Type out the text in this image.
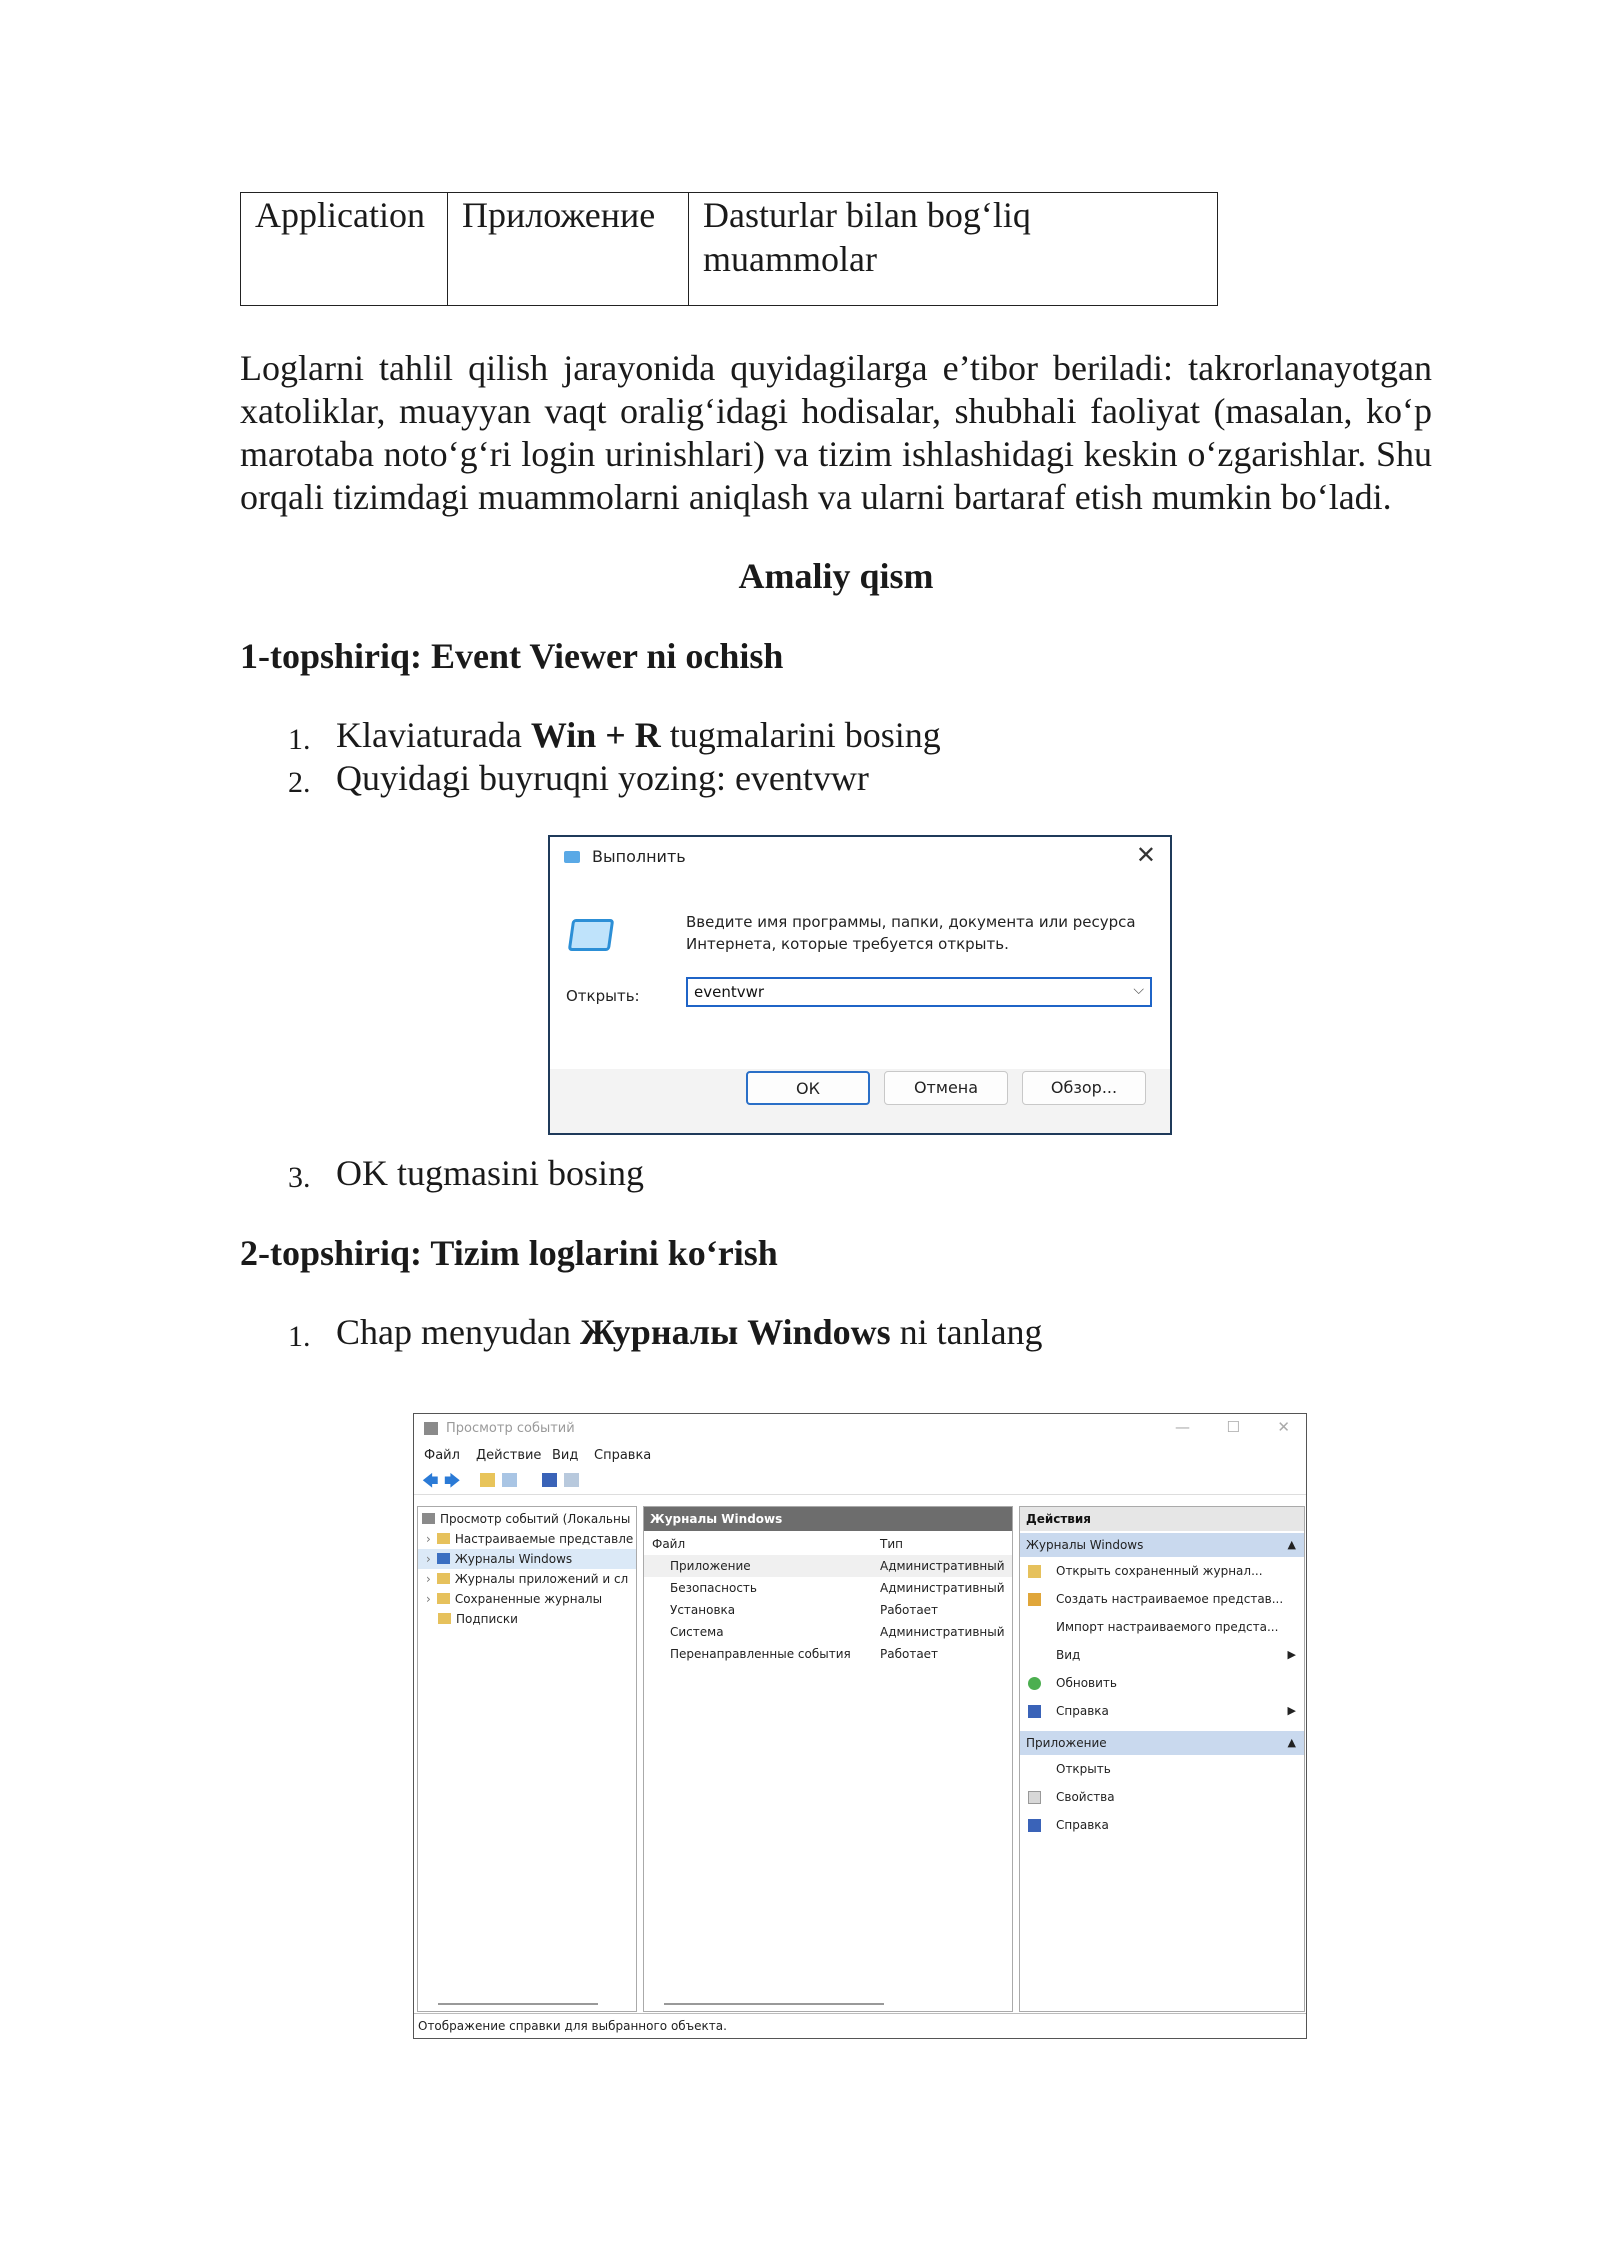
Application	Приложение	Dasturlar bilan bog‘liq muammolar

Loglarni tahlil qilish jarayonida quyidagilarga e’tibor beriladi: takrorlanayotgan xatoliklar, muayyan vaqt oralig‘idagi hodisalar, shubhali faoliyat (masalan, ko‘p marotaba noto‘g‘ri login urinishlari) va tizim ishlashidagi keskin o‘zgarishlar. Shu orqali tizimdagi muammolarni aniqlash va ularni bartaraf etish mumkin bo‘ladi.

Amaliy qism
1-topshiriq: Event Viewer ni ochish
1. Klaviaturada Win + R tugmalarini bosing
2. Quyidagi buyruqni yozing: eventvwr
3. OK tugmasini bosing
2-topshiriq: Tizim loglarini ko‘rish
1. Chap menyudan Журналы Windows ni tanlang
Выполнить	✕
Введите имя программы, папки, документа или ресурса
Интернета, которые требуется открыть.
Открыть:	eventvwr	⌵
ОК	Отмена	Обзор...
Просмотр событий	— ☐ ✕
Файл Действие Вид Справка
🡄 🡆
Просмотр событий (Локальны
› Настраиваемые представле
› Журналы Windows
› Журналы приложений и сл
› Сохраненные журналы
Подписки
Журналы Windows
Файл	Тип
Приложение	Административный
Безопасность	Административный
Установка	Работает
Система	Административный
Перенаправленные события Работает
Действия
Журналы Windows	▲
Открыть сохраненный журнал...
Создать настраиваемое представ...
Импорт настраиваемого предста...
Вид	▶
Обновить
Справка	▶
Приложение	▲
Открыть
Свойства
Справка
Отображение справки для выбранного объекта.
